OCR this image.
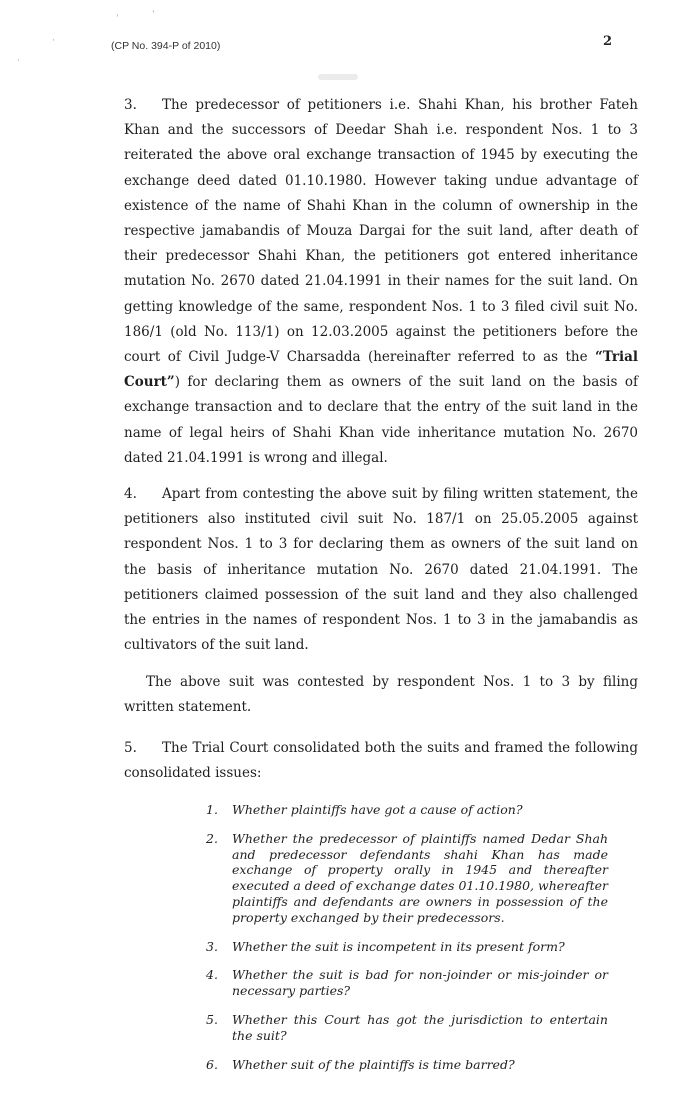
ˈ	ˈ
·
·
(CP No. 394-P of 2010)	2
3. The predecessor of petitioners i.e. Shahi Khan, his brother Fateh Khan and the successors of Deedar Shah i.e. respondent Nos. 1 to 3 reiterated the above oral exchange transaction of 1945 by executing the exchange deed dated 01.10.1980. However taking undue advantage of existence of the name of Shahi Khan in the column of ownership in the respective jamabandis of Mouza Dargai for the suit land, after death of their predecessor Shahi Khan, the petitioners got entered inheritance mutation No. 2670 dated 21.04.1991 in their names for the suit land. On getting knowledge of the same, respondent Nos. 1 to 3 filed civil suit No. 186/1 (old No. 113/1) on 12.03.2005 against the petitioners before the court of Civil Judge-V Charsadda (hereinafter referred to as the “Trial Court”) for declaring them as owners of the suit land on the basis of exchange transaction and to declare that the entry of the suit land in the name of legal heirs of Shahi Khan vide inheritance mutation No. 2670 dated 21.04.1991 is wrong and illegal.
4. Apart from contesting the above suit by filing written statement, the petitioners also instituted civil suit No. 187/1 on 25.05.2005 against respondent Nos. 1 to 3 for declaring them as owners of the suit land on the basis of inheritance mutation No. 2670 dated 21.04.1991. The petitioners claimed possession of the suit land and they also challenged the entries in the names of respondent Nos. 1 to 3 in the jamabandis as cultivators of the suit land.
The above suit was contested by respondent Nos. 1 to 3 by filing written statement.
5. The Trial Court consolidated both the suits and framed the following consolidated issues:
1.	Whether plaintiffs have got a cause of action?
2.	Whether the predecessor of plaintiffs named Dedar Shah and predecessor defendants shahi Khan has made exchange of property orally in 1945 and thereafter executed a deed of exchange dates 01.10.1980, whereafter plaintiffs and defendants are owners in possession of the property exchanged by their predecessors.
3.	Whether the suit is incompetent in its present form?
4.	Whether the suit is bad for non-joinder or mis-joinder or necessary parties?
5.	Whether this Court has got the jurisdiction to entertain the suit?
6.	Whether suit of the plaintiffs is time barred?
